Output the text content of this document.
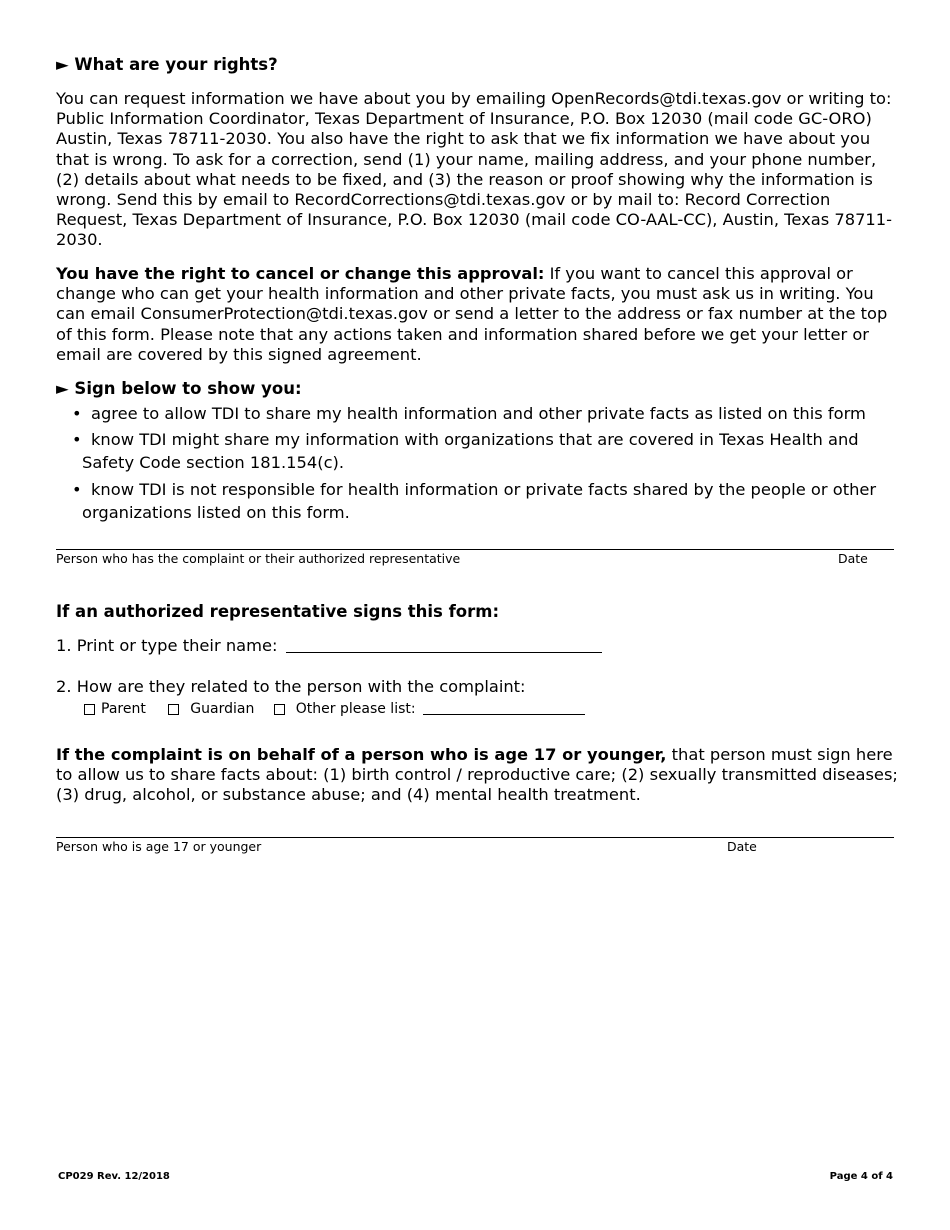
► What are your rights?
You can request information we have about you by emailing OpenRecords@tdi.texas.gov or writing to: Public Information Coordinator, Texas Department of Insurance, P.O. Box 12030 (mail code GC-ORO) Austin, Texas 78711-2030. You also have the right to ask that we fix information we have about you that is wrong. To ask for a correction, send (1) your name, mailing address, and your phone number, (2) details about what needs to be fixed, and (3) the reason or proof showing why the information is wrong. Send this by email to RecordCorrections@tdi.texas.gov or by mail to: Record Correction Request, Texas Department of Insurance, P.O. Box 12030 (mail code CO-AAL-CC), Austin, Texas 78711-2030.
You have the right to cancel or change this approval: If you want to cancel this approval or change who can get your health information and other private facts, you must ask us in writing. You can email ConsumerProtection@tdi.texas.gov or send a letter to the address or fax number at the top of this form. Please note that any actions taken and information shared before we get your letter or email are covered by this signed agreement.
► Sign below to show you:
• agree to allow TDI to share my health information and other private facts as listed on this form
• know TDI might share my information with organizations that are covered in Texas Health and
Safety Code section 181.154(c).
• know TDI is not responsible for health information or private facts shared by the people or other
organizations listed on this form.
Person who has the complaint or their authorized representative	Date
If an authorized representative signs this form:
1. Print or type their name:
2. How are they related to the person with the complaint:
Parent	Guardian	Other please list:
If the complaint is on behalf of a person who is age 17 or younger, that person must sign here to allow us to share facts about: (1) birth control / reproductive care; (2) sexually transmitted diseases; (3) drug, alcohol, or substance abuse; and (4) mental health treatment.
Person who is age 17 or younger	Date
CP029 Rev. 12/2018	Page 4 of 4
